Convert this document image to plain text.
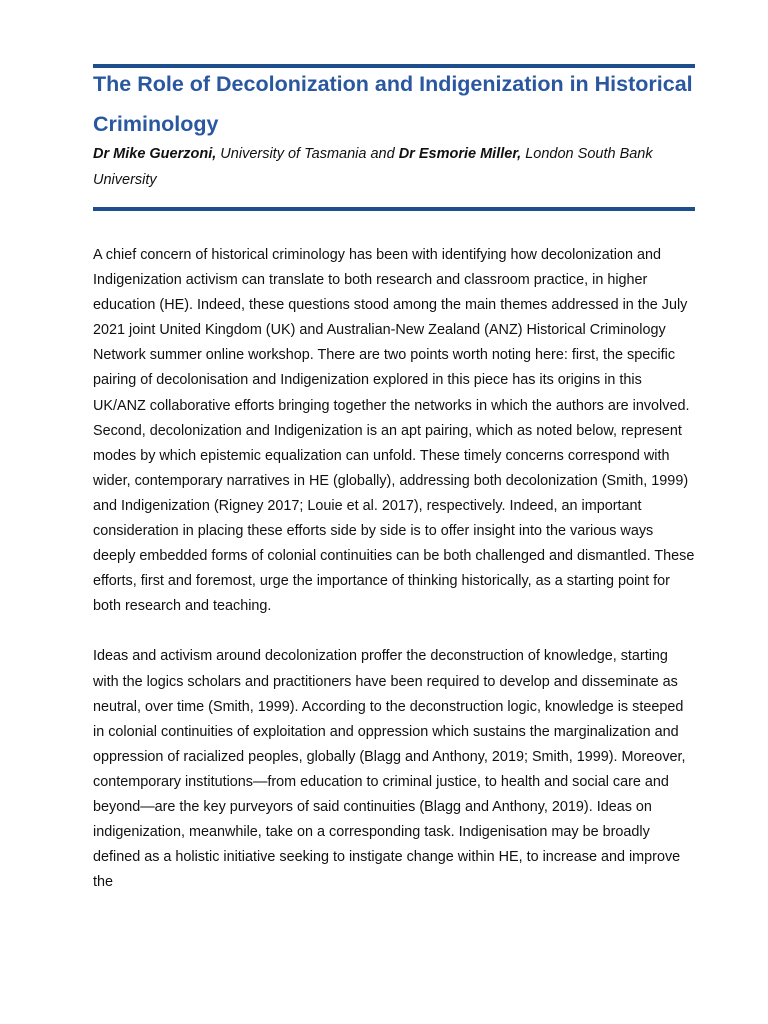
The Role of Decolonization and Indigenization in Historical Criminology

Dr Mike Guerzoni, University of Tasmania and Dr Esmorie Miller, London South Bank University

A chief concern of historical criminology has been with identifying how decolonization and Indigenization activism can translate to both research and classroom practice, in higher education (HE). Indeed, these questions stood among the main themes addressed in the July 2021 joint United Kingdom (UK) and Australian-New Zealand (ANZ) Historical Criminology Network summer online workshop. There are two points worth noting here: first, the specific pairing of decolonisation and Indigenization explored in this piece has its origins in this UK/ANZ collaborative efforts bringing together the networks in which the authors are involved. Second, decolonization and Indigenization is an apt pairing, which as noted below, represent modes by which epistemic equalization can unfold. These timely concerns correspond with wider, contemporary narratives in HE (globally), addressing both decolonization (Smith, 1999) and Indigenization (Rigney 2017; Louie et al. 2017), respectively. Indeed, an important consideration in placing these efforts side by side is to offer insight into the various ways deeply embedded forms of colonial continuities can be both challenged and dismantled. These efforts, first and foremost, urge the importance of thinking historically, as a starting point for both research and teaching.

Ideas and activism around decolonization proffer the deconstruction of knowledge, starting with the logics scholars and practitioners have been required to develop and disseminate as neutral, over time (Smith, 1999). According to the deconstruction logic, knowledge is steeped in colonial continuities of exploitation and oppression which sustains the marginalization and oppression of racialized peoples, globally (Blagg and Anthony, 2019; Smith, 1999). Moreover, contemporary institutions—from education to criminal justice, to health and social care and beyond—are the key purveyors of said continuities (Blagg and Anthony, 2019). Ideas on indigenization, meanwhile, take on a corresponding task. Indigenisation may be broadly defined as a holistic initiative seeking to instigate change within HE, to increase and improve the
